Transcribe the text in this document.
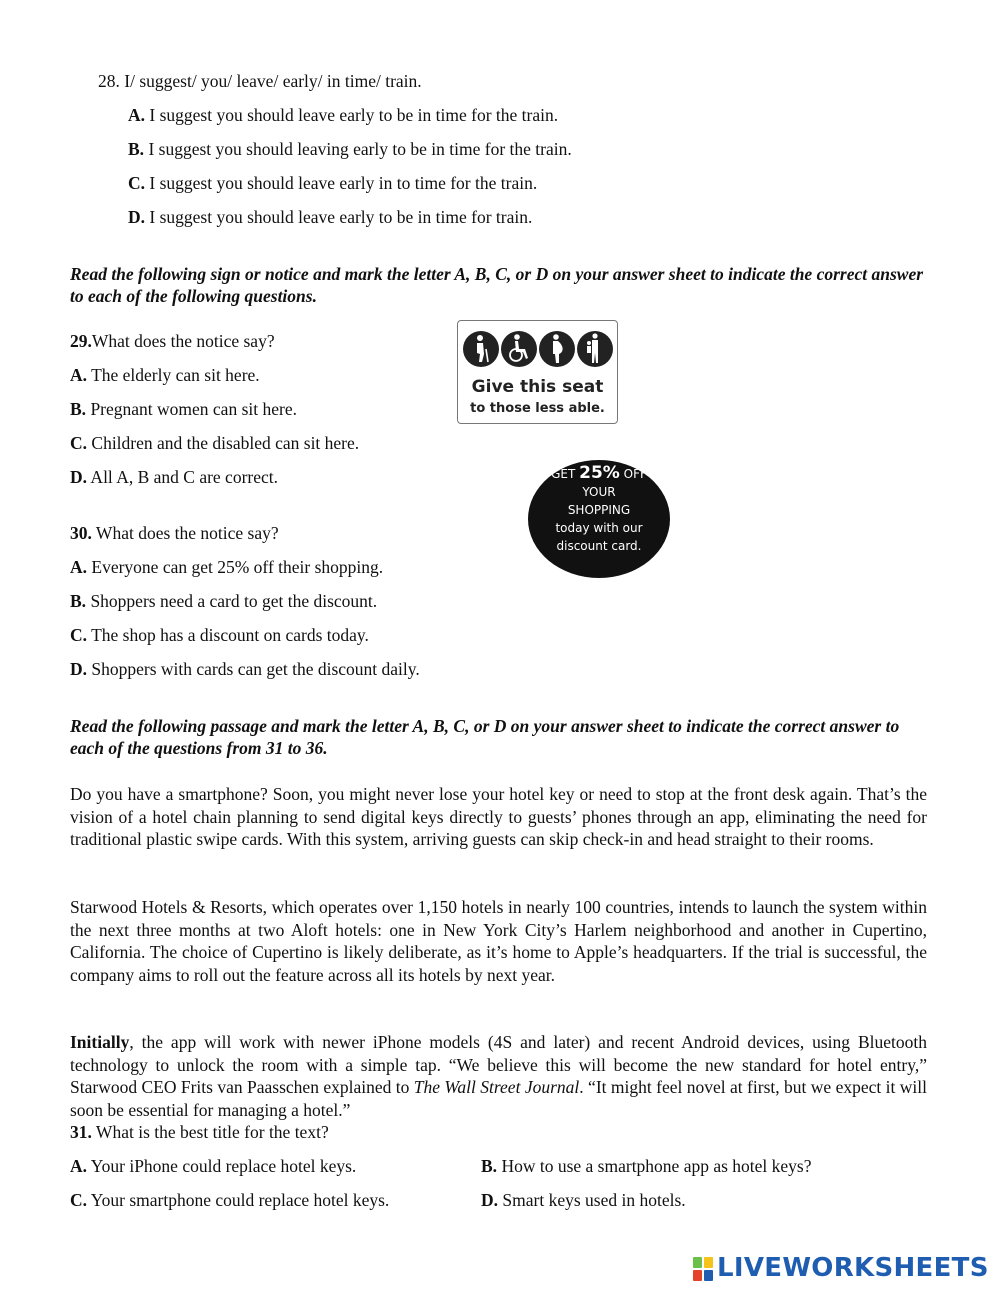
28. I/ suggest/ you/ leave/ early/ in time/ train.
A. I suggest you should leave early to be in time for the train.
B. I suggest you should leaving early to be in time for the train.
C. I suggest you should leave early in to time for the train.
D. I suggest you should leave early to be in time for train.
Read the following sign or notice and mark the letter A, B, C, or D on your answer sheet to indicate the correct answer to each of the following questions.
29.What does the notice say?
A. The elderly can sit here.
B. Pregnant women can sit here.
C. Children and the disabled can sit here.
D. All A, B and C are correct.
Give this seat
to those less able.
GET 25% OFF
YOUR
SHOPPING
today with our
discount card.
30. What does the notice say?
A. Everyone can get 25% off their shopping.
B. Shoppers need a card to get the discount.
C. The shop has a discount on cards today.
D. Shoppers with cards can get the discount daily.
Read the following passage and mark the letter A, B, C, or D on your answer sheet to indicate the correct answer to each of the questions from 31 to 36.
Do you have a smartphone? Soon, you might never lose your hotel key or need to stop at the front desk again. That’s the vision of a hotel chain planning to send digital keys directly to guests’ phones through an app, eliminating the need for traditional plastic swipe cards. With this system, arriving guests can skip check-in and head straight to their rooms.
Starwood Hotels & Resorts, which operates over 1,150 hotels in nearly 100 countries, intends to launch the system within the next three months at two Aloft hotels: one in New York City’s Harlem neighborhood and another in Cupertino, California. The choice of Cupertino is likely deliberate, as it’s home to Apple’s headquarters. If the trial is successful, the company aims to roll out the feature across all its hotels by next year.
Initially, the app will work with newer iPhone models (4S and later) and recent Android devices, using Bluetooth technology to unlock the room with a simple tap. “We believe this will become the new standard for hotel entry,” Starwood CEO Frits van Paasschen explained to The Wall Street Journal. “It might feel novel at first, but we expect it will soon be essential for managing a hotel.”
31. What is the best title for the text?
A. Your iPhone could replace hotel keys.	B. How to use a smartphone app as hotel keys?
C. Your smartphone could replace hotel keys.	D. Smart keys used in hotels.
LIVEWORKSHEETS
